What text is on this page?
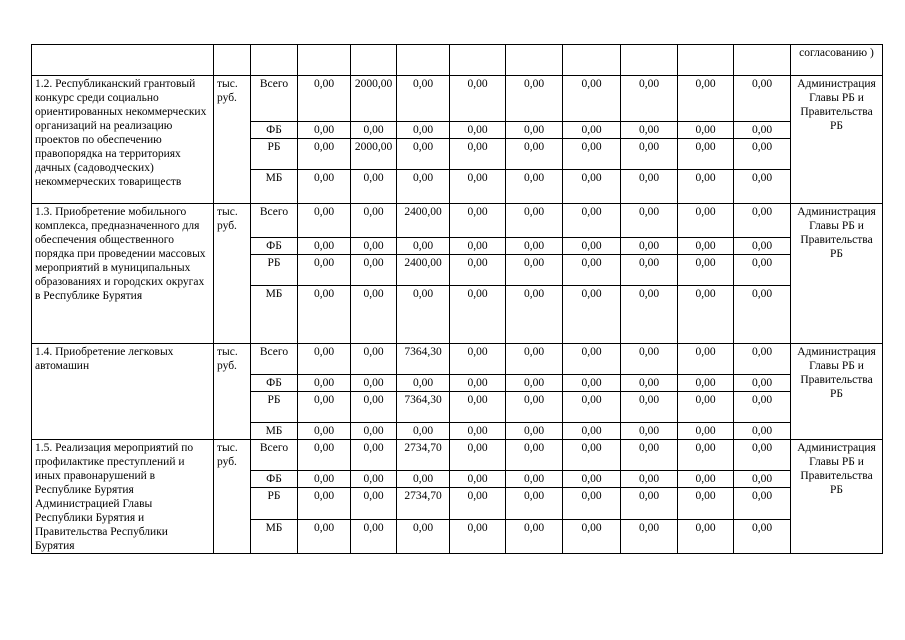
												согласованию )
1.2. Республиканский грантовый конкурс среди социально ориентированных некоммерческих организаций на реализацию проектов по обеспечению правопорядка на территориях дачных (садоводческих) некоммерческих товариществ	тыс. руб.	Всего	0,00	2000,00	0,00	0,00	0,00	0,00	0,00	0,00	0,00	Администрация Главы РБ и Правительства РБ
		ФБ	0,00	0,00	0,00	0,00	0,00	0,00	0,00	0,00	0,00	
		РБ	0,00	2000,00	0,00	0,00	0,00	0,00	0,00	0,00	0,00	
		МБ	0,00	0,00	0,00	0,00	0,00	0,00	0,00	0,00	0,00	
1.3. Приобретение мобильного комплекса, предназначенного для обеспечения общественного порядка при проведении массовых мероприятий в муниципальных образованиях и городских округах в Республике Бурятия	тыс. руб.	Всего	0,00	0,00	2400,00	0,00	0,00	0,00	0,00	0,00	0,00	Администрация Главы РБ и Правительства РБ
		ФБ	0,00	0,00	0,00	0,00	0,00	0,00	0,00	0,00	0,00	
		РБ	0,00	0,00	2400,00	0,00	0,00	0,00	0,00	0,00	0,00	
		МБ	0,00	0,00	0,00	0,00	0,00	0,00	0,00	0,00	0,00	
1.4. Приобретение легковых автомашин	тыс. руб.	Всего	0,00	0,00	7364,30	0,00	0,00	0,00	0,00	0,00	0,00	Администрация Главы РБ и Правительства РБ
		ФБ	0,00	0,00	0,00	0,00	0,00	0,00	0,00	0,00	0,00	
		РБ	0,00	0,00	7364,30	0,00	0,00	0,00	0,00	0,00	0,00	
		МБ	0,00	0,00	0,00	0,00	0,00	0,00	0,00	0,00	0,00	
1.5. Реализация мероприятий по профилактике преступлений и иных правонарушений в Республике Бурятия Администрацией Главы Республики Бурятия и Правительства Республики Бурятия	тыс. руб.	Всего	0,00	0,00	2734,70	0,00	0,00	0,00	0,00	0,00	0,00	Администрация Главы РБ и Правительства РБ
		ФБ	0,00	0,00	0,00	0,00	0,00	0,00	0,00	0,00	0,00	
		РБ	0,00	0,00	2734,70	0,00	0,00	0,00	0,00	0,00	0,00	
		МБ	0,00	0,00	0,00	0,00	0,00	0,00	0,00	0,00	0,00	
